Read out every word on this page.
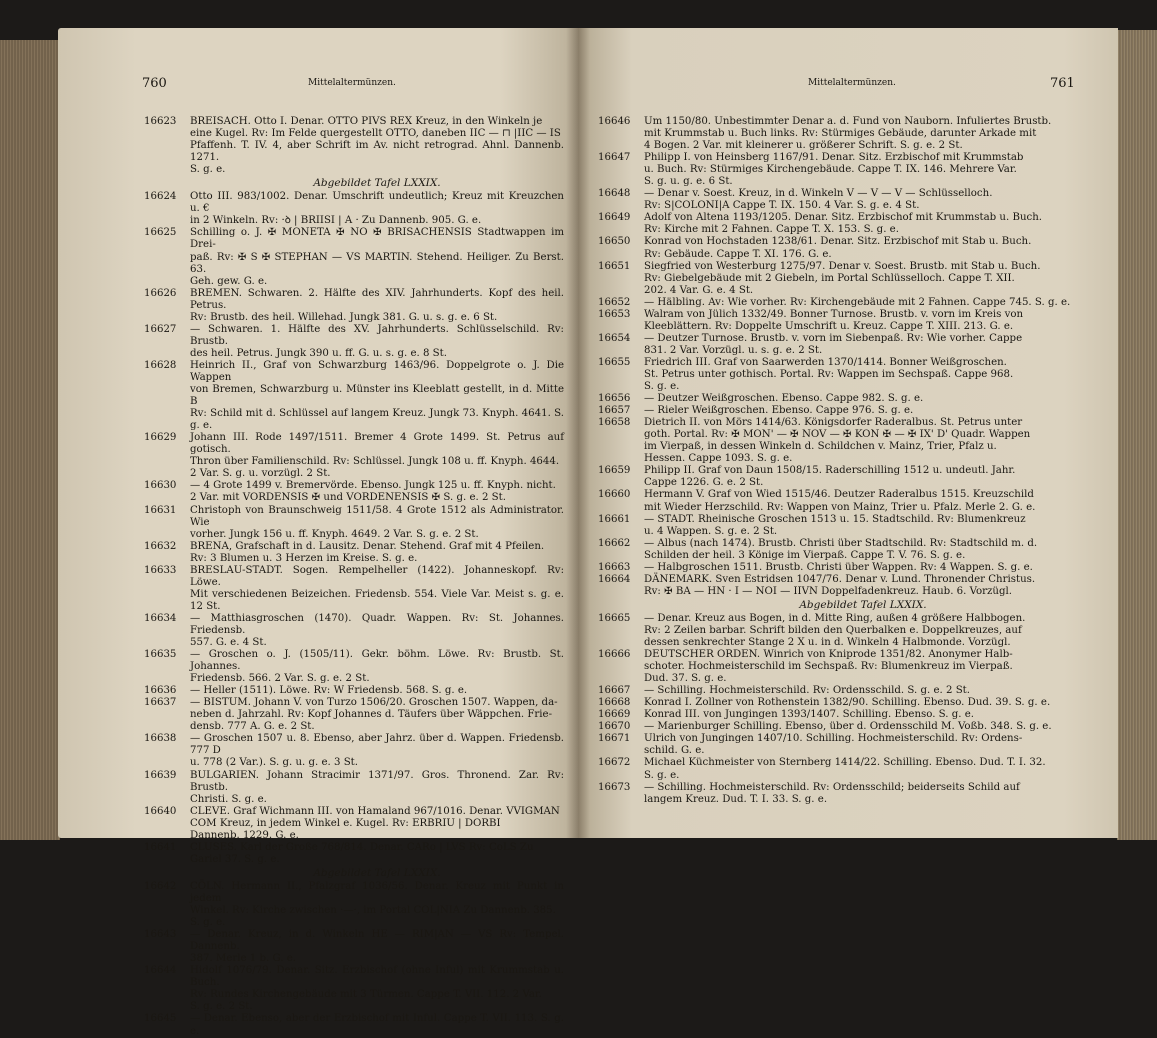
760	Mittelaltermünzen.
16623 BREISACH. Otto I. Denar. OTTO PIVS REX Kreuz, in den Winkeln je
eine Kugel. Rv: Im Felde quergestellt OTTO, daneben IIC — ⊓ |IIC — IS
Pfaffenh. T. IV. 4, aber Schrift im Av. nicht retrograd. Ahnl. Dannenb. 1271.
S. g. e.
Abgebildet Tafel LXXIX.
16624 Otto III. 983/1002. Denar. Umschrift undeutlich; Kreuz mit Kreuzchen u. €
in 2 Winkeln. Rv: ·ꝺ | BRIISI | A · Zu Dannenb. 905. G. e.
16625 Schilling o. J. ✠ MONETA ✠ NO ✠ BRISACHENSIS Stadtwappen im Drei-
paß. Rv: ✠ S ✠ STEPHAN — VS MARTIN. Stehend. Heiliger. Zu Berst. 63.
Geh. gew. G. e.
16626 BREMEN. Schwaren. 2. Hälfte des XIV. Jahrhunderts. Kopf des heil. Petrus.
Rv: Brustb. des heil. Willehad. Jungk 381. G. u. s. g. e. 6 St.
16627 — Schwaren. 1. Hälfte des XV. Jahrhunderts. Schlüsselschild. Rv: Brustb.
des heil. Petrus. Jungk 390 u. ff. G. u. s. g. e. 8 St.
16628 Heinrich II., Graf von Schwarzburg 1463/96. Doppelgrote o. J. Die Wappen
von Bremen, Schwarzburg u. Münster ins Kleeblatt gestellt, in d. Mitte B
Rv: Schild mit d. Schlüssel auf langem Kreuz. Jungk 73. Knyph. 4641. S. g. e.
16629 Johann III. Rode 1497/1511. Bremer 4 Grote 1499. St. Petrus auf gotisch.
Thron über Familienschild. Rv: Schlüssel. Jungk 108 u. ff. Knyph. 4644.
2 Var. S. g. u. vorzügl. 2 St.
16630 — 4 Grote 1499 v. Bremervörde. Ebenso. Jungk 125 u. ff. Knyph. nicht.
2 Var. mit VORDENSIS ✠ und VORDENENSIS ✠ S. g. e. 2 St.
16631 Christoph von Braunschweig 1511/58. 4 Grote 1512 als Administrator. Wie
vorher. Jungk 156 u. ff. Knyph. 4649. 2 Var. S. g. e. 2 St.
16632 BRENA, Grafschaft in d. Lausitz. Denar. Stehend. Graf mit 4 Pfeilen.
Rv: 3 Blumen u. 3 Herzen im Kreise. S. g. e.
16633 BRESLAU-STADT. Sogen. Rempelheller (1422). Johanneskopf. Rv: Löwe.
Mit verschiedenen Beizeichen. Friedensb. 554. Viele Var. Meist s. g. e. 12 St.
16634 — Matthiasgroschen (1470). Quadr. Wappen. Rv: St. Johannes. Friedensb.
557. G. e. 4 St.
16635 — Groschen o. J. (1505/11). Gekr. böhm. Löwe. Rv: Brustb. St. Johannes.
Friedensb. 566. 2 Var. S. g. e. 2 St.
16636 — Heller (1511). Löwe. Rv: W Friedensb. 568. S. g. e.
16637 — BISTUM. Johann V. von Turzo 1506/20. Groschen 1507. Wappen, da-
neben d. Jahrzahl. Rv: Kopf Johannes d. Täufers über Wäppchen. Frie-
densb. 777 A. G. e. 2 St.
16638 — Groschen 1507 u. 8. Ebenso, aber Jahrz. über d. Wappen. Friedensb. 777 D
u. 778 (2 Var.). S. g. u. g. e. 3 St.
16639 BULGARIEN. Johann Stracimir 1371/97. Gros. Thronend. Zar. Rv: Brustb.
Christi. S. g. e.
16640 CLEVE. Graf Wichmann III. von Hamaland 967/1016. Denar. VVIGMAN
COM Kreuz, in jedem Winkel e. Kugel. Rv: ERBRIU | DORBI
Dannenb. 1229. G. e.
16641 CLUSES. Karl der Große 768/814. Denar. CARo | LVS Rv: CoLS Zu
Gariel 37. S. g. e.
Abgebildet Tafel LXXIX.
16642 CÖLN. Hermann II., Pfalzgraf 1036/56. Denar. Kreuz mit Punkt in jedem
Winkel. Rv: Kirche zwischen ·—·, im Portal COL|NIA Zu Dannenb. 385.
S. g. e.
16643 — Denar. Kreuz, in d. Winkeln HE — RIM|AN — VS Rv: Tempel. Dannenb.
387. Merle 1 b. G. e.
16644 Hidolf 1076/79. Denar. Sitz. Erzbischof (ohne Inful) mit Krummstab u. Buch.
Rv: Rundes Kirchengebäude mit 3 Türmen. Cappe T. VII. 112. 2 Var.
S. g. e. 2 St.
16645 — Denar. Ebenso, aber der Erzbischof mit Inful. Cappe T. VII. 113. S. g. e.
Mittelaltermünzen.	761
16646 Um 1150/80. Unbestimmter Denar a. d. Fund von Nauborn. Infuliertes Brustb.
mit Krummstab u. Buch links. Rv: Stürmiges Gebäude, darunter Arkade mit
4 Bogen. 2 Var. mit kleinerer u. größerer Schrift. S. g. e. 2 St.
16647 Philipp I. von Heinsberg 1167/91. Denar. Sitz. Erzbischof mit Krummstab
u. Buch. Rv: Stürmiges Kirchengebäude. Cappe T. IX. 146. Mehrere Var.
S. g. u. g. e. 6 St.
16648 — Denar v. Soest. Kreuz, in d. Winkeln V — V — V — Schlüsselloch.
Rv: S|COLONI|A Cappe T. IX. 150. 4 Var. S. g. e. 4 St.
16649 Adolf von Altena 1193/1205. Denar. Sitz. Erzbischof mit Krummstab u. Buch.
Rv: Kirche mit 2 Fahnen. Cappe T. X. 153. S. g. e.
16650 Konrad von Hochstaden 1238/61. Denar. Sitz. Erzbischof mit Stab u. Buch.
Rv: Gebäude. Cappe T. XI. 176. G. e.
16651 Siegfried von Westerburg 1275/97. Denar v. Soest. Brustb. mit Stab u. Buch.
Rv: Giebelgebäude mit 2 Giebeln, im Portal Schlüsselloch. Cappe T. XII.
202. 4 Var. G. e. 4 St.
16652 — Hälbling. Av: Wie vorher. Rv: Kirchengebäude mit 2 Fahnen. Cappe 745. S. g. e.
16653 Walram von Jülich 1332/49. Bonner Turnose. Brustb. v. vorn im Kreis von
Kleeblättern. Rv: Doppelte Umschrift u. Kreuz. Cappe T. XIII. 213. G. e.
16654 — Deutzer Turnose. Brustb. v. vorn im Siebenpaß. Rv: Wie vorher. Cappe
831. 2 Var. Vorzügl. u. s. g. e. 2 St.
16655 Friedrich III. Graf von Saarwerden 1370/1414. Bonner Weißgroschen.
St. Petrus unter gothisch. Portal. Rv: Wappen im Sechspaß. Cappe 968.
S. g. e.
16656 — Deutzer Weißgroschen. Ebenso. Cappe 982. S. g. e.
16657 — Rieler Weißgroschen. Ebenso. Cappe 976. S. g. e.
16658 Dietrich II. von Mörs 1414/63. Königsdorfer Raderalbus. St. Petrus unter
goth. Portal. Rv: ✠ MON' — ✠ NOV — ✠ KON ✠ — ✠ IX' D' Quadr. Wappen
im Vierpaß, in dessen Winkeln d. Schildchen v. Mainz, Trier, Pfalz u.
Hessen. Cappe 1093. S. g. e.
16659 Philipp II. Graf von Daun 1508/15. Raderschilling 1512 u. undeutl. Jahr.
Cappe 1226. G. e. 2 St.
16660 Hermann V. Graf von Wied 1515/46. Deutzer Raderalbus 1515. Kreuzschild
mit Wieder Herzschild. Rv: Wappen von Mainz, Trier u. Pfalz. Merle 2. G. e.
16661 — STADT. Rheinische Groschen 1513 u. 15. Stadtschild. Rv: Blumenkreuz
u. 4 Wappen. S. g. e. 2 St.
16662 — Albus (nach 1474). Brustb. Christi über Stadtschild. Rv: Stadtschild m. d.
Schilden der heil. 3 Könige im Vierpaß. Cappe T. V. 76. S. g. e.
16663 — Halbgroschen 1511. Brustb. Christi über Wappen. Rv: 4 Wappen. S. g. e.
16664 DÄNEMARK. Sven Estridsen 1047/76. Denar v. Lund. Thronender Christus.
Rv: ✠ BA — HN · I — NOI — IIVN Doppelfadenkreuz. Haub. 6. Vorzügl.
Abgebildet Tafel LXXIX.
16665 — Denar. Kreuz aus Bogen, in d. Mitte Ring, außen 4 größere Halbbogen.
Rv: 2 Zeilen barbar. Schrift bilden den Querbalken e. Doppelkreuzes, auf
dessen senkrechter Stange 2 X u. in d. Winkeln 4 Halbmonde. Vorzügl.
16666 DEUTSCHER ORDEN. Winrich von Kniprode 1351/82. Anonymer Halb-
schoter. Hochmeisterschild im Sechspaß. Rv: Blumenkreuz im Vierpaß.
Dud. 37. S. g. e.
16667 — Schilling. Hochmeisterschild. Rv: Ordensschild. S. g. e. 2 St.
16668 Konrad I. Zollner von Rothenstein 1382/90. Schilling. Ebenso. Dud. 39. S. g. e.
16669 Konrad III. von Jungingen 1393/1407. Schilling. Ebenso. S. g. e.
16670 — Marienburger Schilling. Ebenso, über d. Ordensschild M. Voßb. 348. S. g. e.
16671 Ulrich von Jungingen 1407/10. Schilling. Hochmeisterschild. Rv: Ordens-
schild. G. e.
16672 Michael Küchmeister von Sternberg 1414/22. Schilling. Ebenso. Dud. T. I. 32.
S. g. e.
16673 — Schilling. Hochmeisterschild. Rv: Ordensschild; beiderseits Schild auf
langem Kreuz. Dud. T. I. 33. S. g. e.
